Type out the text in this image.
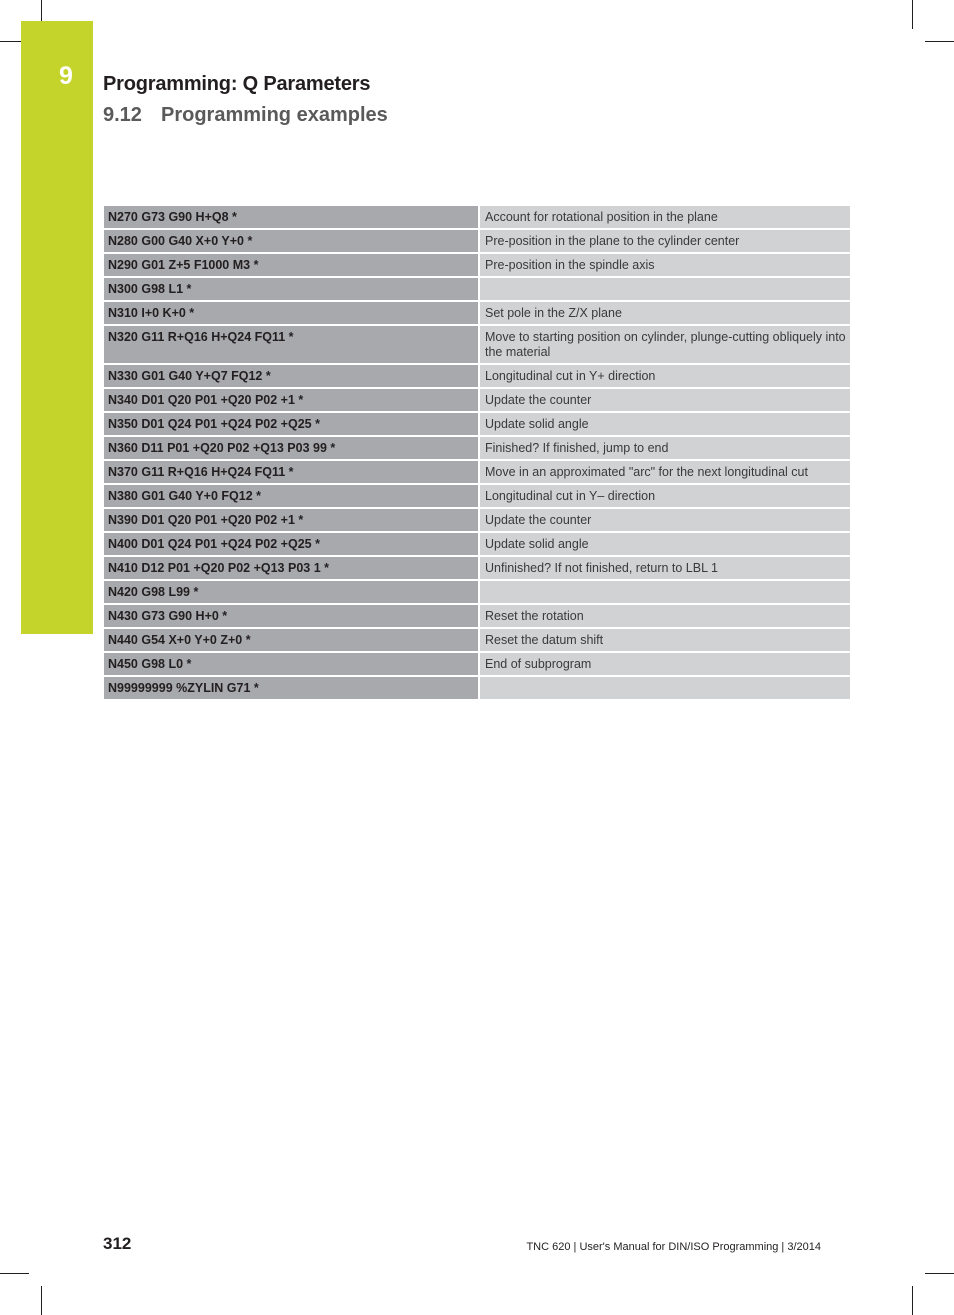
9	Programming: Q Parameters
9.12 Programming examples
N270 G73 G90 H+Q8 *	Account for rotational position in the plane
N280 G00 G40 X+0 Y+0 *	Pre-position in the plane to the cylinder center
N290 G01 Z+5 F1000 M3 *	Pre-position in the spindle axis
N300 G98 L1 *	
N310 I+0 K+0 *	Set pole in the Z/X plane
N320 G11 R+Q16 H+Q24 FQ11 *	Move to starting position on cylinder, plunge-cutting obliquely into the material
N330 G01 G40 Y+Q7 FQ12 *	Longitudinal cut in Y+ direction
N340 D01 Q20 P01 +Q20 P02 +1 *	Update the counter
N350 D01 Q24 P01 +Q24 P02 +Q25 *	Update solid angle
N360 D11 P01 +Q20 P02 +Q13 P03 99 *	Finished? If finished, jump to end
N370 G11 R+Q16 H+Q24 FQ11 *	Move in an approximated "arc" for the next longitudinal cut
N380 G01 G40 Y+0 FQ12 *	Longitudinal cut in Y– direction
N390 D01 Q20 P01 +Q20 P02 +1 *	Update the counter
N400 D01 Q24 P01 +Q24 P02 +Q25 *	Update solid angle
N410 D12 P01 +Q20 P02 +Q13 P03 1 *	Unfinished? If not finished, return to LBL 1
N420 G98 L99 *	
N430 G73 G90 H+0 *	Reset the rotation
N440 G54 X+0 Y+0 Z+0 *	Reset the datum shift
N450 G98 L0 *	End of subprogram
N99999999 %ZYLIN G71 *	
312	TNC 620 | User's Manual for DIN/ISO Programming | 3/2014
